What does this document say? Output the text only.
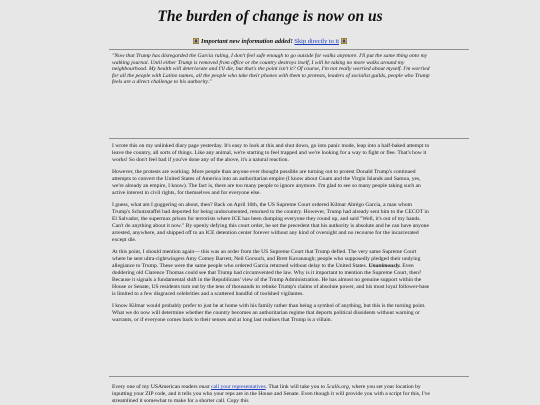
The burden of change is now on us
Important new information added! Skip directly to it
"Now that Trump has disregarded the Garcia ruling, I don't feel safe enough to go outside for walks anymore. I'll put the same thing onto my walking journal. Until either Trump is removed from office or the country destroys itself, I will be taking no more walks around my neighbourhood. My health will deteriorate and I'll die, but that's the point isn't it? Of course, I'm not really worried about myself. I'm worried for all the people with Latino names, all the people who take their phones with them to protests, leaders of socialist guilds, people who Trump feels are a direct challenge to his authority."

I wrote this on my unlinked diary page yesterday. It's easy to look at this and shut down, go into panic mode, leap into a half-baked attempt to leave the country, all sorts of things. Like any animal, we're starting to feel trapped and we're looking for a way to fight or flee. That's how it works! So don't feel bad if you've done any of the above, it's a natural reaction.

However, the protests are working. More people than anyone ever thought possible are turning out to protest Donald Trump's continued attempts to convert the United States of America into an authoritarian empire (I know about Guam and the Virgin Islands and Samoa, yes, we're already an empire, I know). The fact is, there are too many people to ignore anymore. I'm glad to see so many people taking such an active interest in civil rights, for themselves and for everyone else.

I guess, what am I guggering on about, then? Back on April 10th, the US Supreme Court ordered Kilmar Abrégo Garcia, a man whom Trump's Schutzstaffel had deported for being undocumented, returned to the country. However, Trump had already sent him to the CECOT in El Salvador, the supermax prison for terrorists where ICE has been dumping everyone they round up, and said "Well, it's out of my hands. Can't do anything about it now." By openly defying this court order, he set the precedent that his authority is absolute and he can have anyone arrested, anywhere, and shipped off to an ICE detention center forever without any kind of oversight and no recourse for the incarcerated except die.

At this point, I should mention again— this was an order from the US Supreme Court that Trump defied. The very same Supreme Court where he sent ultra-rightwingers Amy Comey Barrett, Neil Gorsuch, and Brett Kavanaugh; people who supposedly pledged their undying allegiance to Trump. These were the same people who ordered Garcia returned without delay to the United States. Unanimously. Even doddering old Clarence Thomas could see that Trump had circumvented the law. Why is it important to mention the Supreme Court, then? Because it signals a fundamental shift in the Republicans' view of the Trump Administration. He has almost no genuine support within the House or Senate, US residents turn out by the tens of thousands to rebuke Trump's claims of absolute power, and his most loyal follower-base is limited to a few disgraced celebrities and a scattered handful of toolshed vigilantes.

I know Kilmar would probably prefer to just be at home with his family rather than being a symbol of anything, but this is the turning point. What we do now will determine whether the country becomes an authoritarian regime that deports political dissidents without warning or warrants, or if everyone comes back to their senses and at long last realises that Trump is a villain.

Every one of my USAmerican readers must call your representatives. That link will take you to 5calls.org, where you set your location by inputting your ZIP code, and it tells you who your reps are in the House and Senate. Even though it will provide you with a script for this, I've streamlined it somewhat to make for a shorter call. Copy this
